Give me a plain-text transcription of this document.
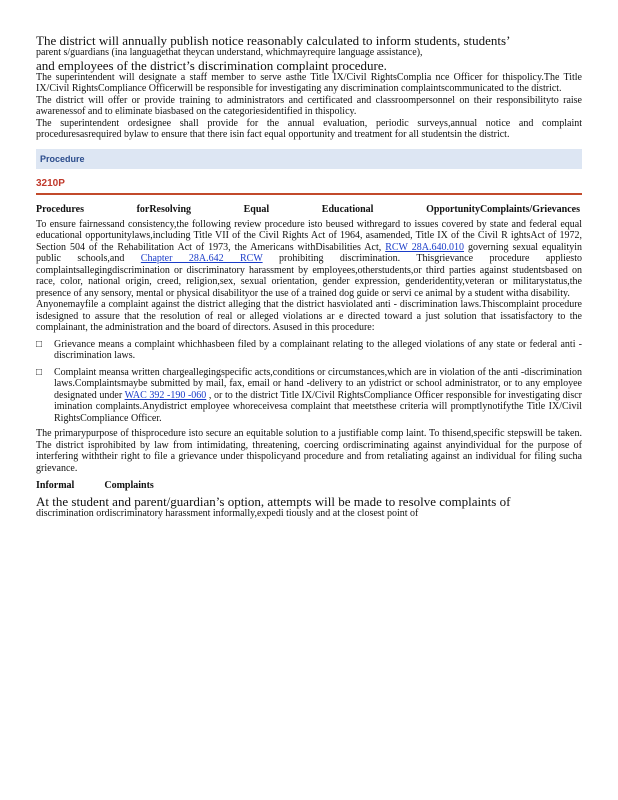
The district will annually publish notice reasonably calculated to inform students, students’

parent s/guardians (ina languagethat theycan understand, whichmayrequire language assistance),

and employees of the district’s discrimination complaint procedure.

The superintendent will designate a staff member to serve asthe Title IX/Civil RightsComplia nce Officer for thispolicy.The Title IX/Civil RightsCompliance Officerwill be responsible for investigating any discrimination complaintscommunicated to the district.

The district will offer or provide training to administrators and certificated and classroompersonnel on their responsibilityto raise awarenessof and to eliminate biasbased on the categoriesidentified in thispolicy.

The superintendent ordesignee shall provide for the annual evaluation, periodic surveys,annual notice and complaint proceduresasrequired bylaw to ensure that there isin fact equal opportunity and treatment for all studentsin the district.

Procedure
3210P
Procedures	forResolving	Equal	Educational	OpportunityComplaints/Grievances

To ensure fairnessand consistency,the following review procedure isto beused withregard to issues covered by state and federal equal educational opportunitylaws,including Title VII of the Civil Rights Act of 1964, asamended, Title IX of the Civil R ightsAct of 1972, Section 504 of the Rehabilitation Act of 1973, the Americans withDisabilities Act, RCW 28A.640.010 governing sexual equalityin public schools,and Chapter 28A.642 RCW prohibiting discrimination. Thisgrievance procedure appliesto complaintsallegingdiscrimination or discriminatory harassment by employees,otherstudents,or third parties against studentsbased on race, color, national origin, creed, religion,sex, sexual orientation, gender expression, genderidentity,veteran or militarystatus,the presence of any sensory, mental or physical disabilityor the use of a trained dog guide or servi ce animal by a student witha disability.

Anyonemayfile a complaint against the district alleging that the district hasviolated anti - discrimination laws.Thiscomplaint procedure isdesigned to assure that the resolution of real or alleged violations ar e directed toward a just solution that issatisfactory to the complainant, the administration and the board of directors. Asused in this procedure:

□	Grievance means a complaint whichhasbeen filed by a complainant relating to the alleged violations of any state or federal anti -discrimination laws.
□	Complaint meansa written chargeallegingspecific acts,conditions or circumstances,which are in violation of the anti -discrimination laws.Complaintsmaybe submitted by mail, fax, email or hand -delivery to an ydistrict or school administrator, or to any employee designated under WAC 392 -190 -060 , or to the district Title IX/Civil RightsCompliance Officer responsible for investigating discr imination complaints.Anydistrict employee whoreceivesa complaint that meetsthese criteria will promptlynotifythe Title IX/Civil RightsCompliance Officer.

The primarypurpose of thisprocedure isto secure an equitable solution to a justifiable comp laint. To thisend,specific stepswill be taken. The district isprohibited by law from intimidating, threatening, coercing ordiscriminating against anyindividual for the purpose of interfering withtheir right to file a grievance under thispolicyand procedure and from retaliating against an individual for filing sucha grievance.

Informal	Complaints

At the student and parent/guardian’s option, attempts will be made to resolve complaints of

discrimination ordiscriminatory harassment informally,expedi tiously and at the closest point of
